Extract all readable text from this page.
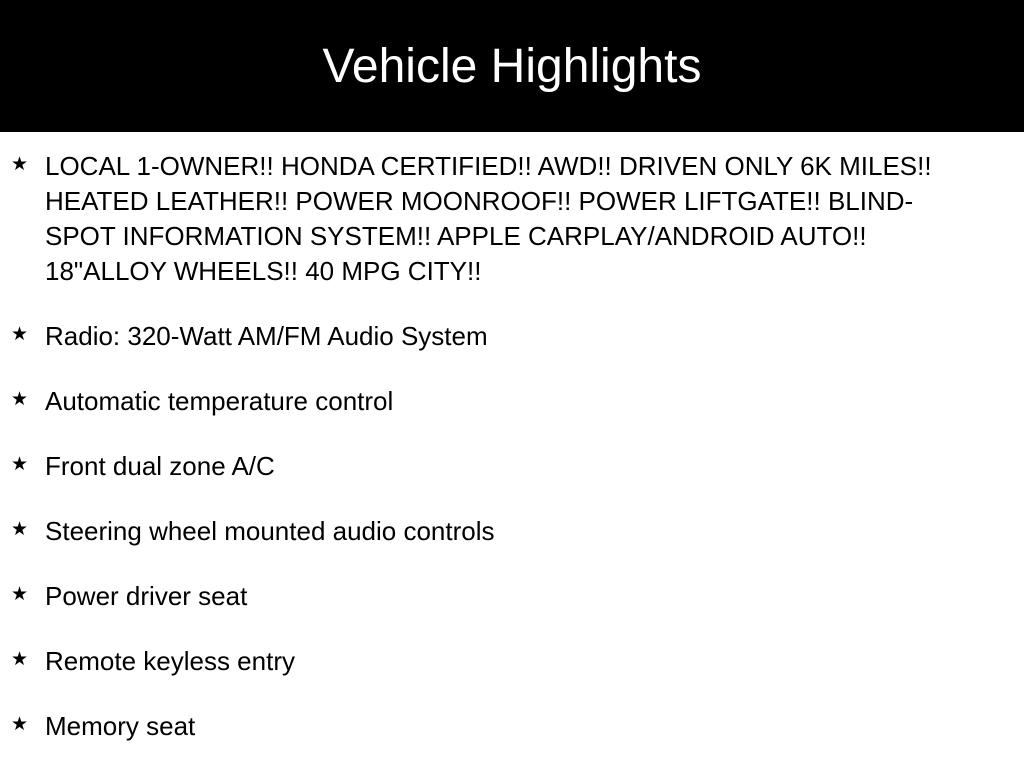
Vehicle Highlights
★ LOCAL 1-OWNER!! HONDA CERTIFIED!! AWD!! DRIVEN ONLY 6K MILES!! HEATED LEATHER!! POWER MOONROOF!! POWER LIFTGATE!! BLIND-SPOT INFORMATION SYSTEM!! APPLE CARPLAY/ANDROID AUTO!! 18"ALLOY WHEELS!! 40 MPG CITY!!
★ Radio: 320-Watt AM/FM Audio System
★ Automatic temperature control
★ Front dual zone A/C
★ Steering wheel mounted audio controls
★ Power driver seat
★ Remote keyless entry
★ Memory seat
